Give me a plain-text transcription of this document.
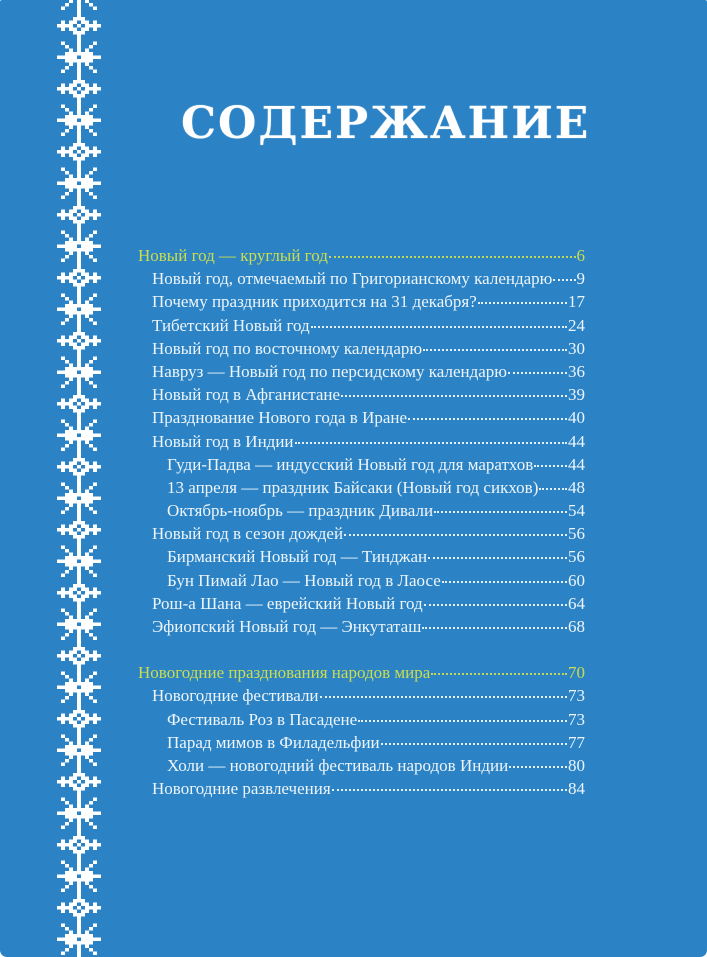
СОДЕРЖАНИЕ
Новый год — круглый год	6
Новый год, отмечаемый по Григорианскому календарю 9
Почему праздник приходится на 31 декабря?	17
Тибетский Новый год	24
Новый год по восточному календарю	30
Навруз — Новый год по персидскому календарю	36
Новый год в Афганистане	39
Празднование Нового года в Иране	40
Новый год в Индии	44
Гуди-Падва — индусский Новый год для маратхов 44
13 апреля — праздник Байсаки (Новый год сикхов) 48
Октябрь-ноябрь — праздник Дивали	54
Новый год в сезон дождей	56
Бирманский Новый год — Тинджан	56
Бун Пимай Лао — Новый год в Лаосе	60
Рош-а Шана — еврейский Новый год	64
Эфиопский Новый год — Энкутаташ	68
Новогодние празднования народов мира	70
Новогодние фестивали	73
Фестиваль Роз в Пасадене	73
Парад мимов в Филадельфии	77
Холи — новогодний фестиваль народов Индии	80
Новогодние развлечения	84
